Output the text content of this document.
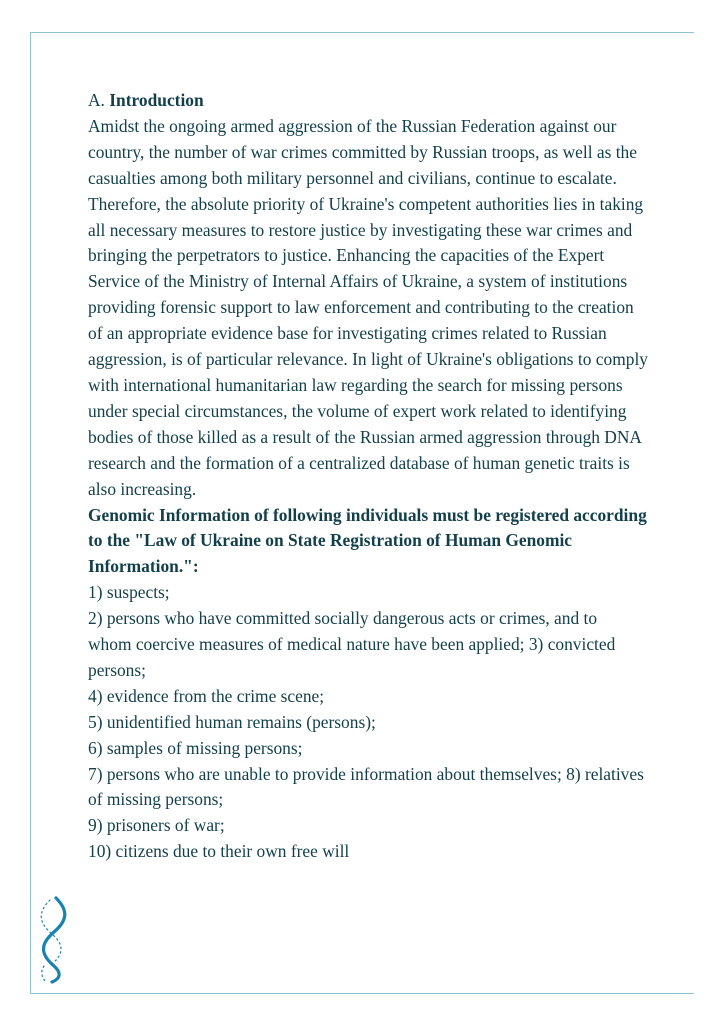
A. Introduction

Amidst the ongoing armed aggression of the Russian Federation against our country, the number of war crimes committed by Russian troops, as well as the casualties among both military personnel and civilians, continue to escalate. Therefore, the absolute priority of Ukraine's competent authorities lies in taking all necessary measures to restore justice by investigating these war crimes and bringing the perpetrators to justice. Enhancing the capacities of the Expert Service of the Ministry of Internal Affairs of Ukraine, a system of institutions providing forensic support to law enforcement and contributing to the creation of an appropriate evidence base for investigating crimes related to Russian aggression, is of particular relevance. In light of Ukraine's obligations to comply with international humanitarian law regarding the search for missing persons under special circumstances, the volume of expert work related to identifying bodies of those killed as a result of the Russian armed aggression through DNA research and the formation of a centralized database of human genetic traits is also increasing.

Genomic Information of following individuals must be registered according to the "Law of Ukraine on State Registration of Human Genomic Information.":

1) suspects;
2) persons who have committed socially dangerous acts or crimes, and to
whom coercive measures of medical nature have been applied; 3) convicted persons;
4) evidence from the crime scene;
5) unidentified human remains (persons);
6) samples of missing persons;
7) persons who are unable to provide information about themselves; 8) relatives of missing persons;
9) prisoners of war;
10) citizens due to their own free will
